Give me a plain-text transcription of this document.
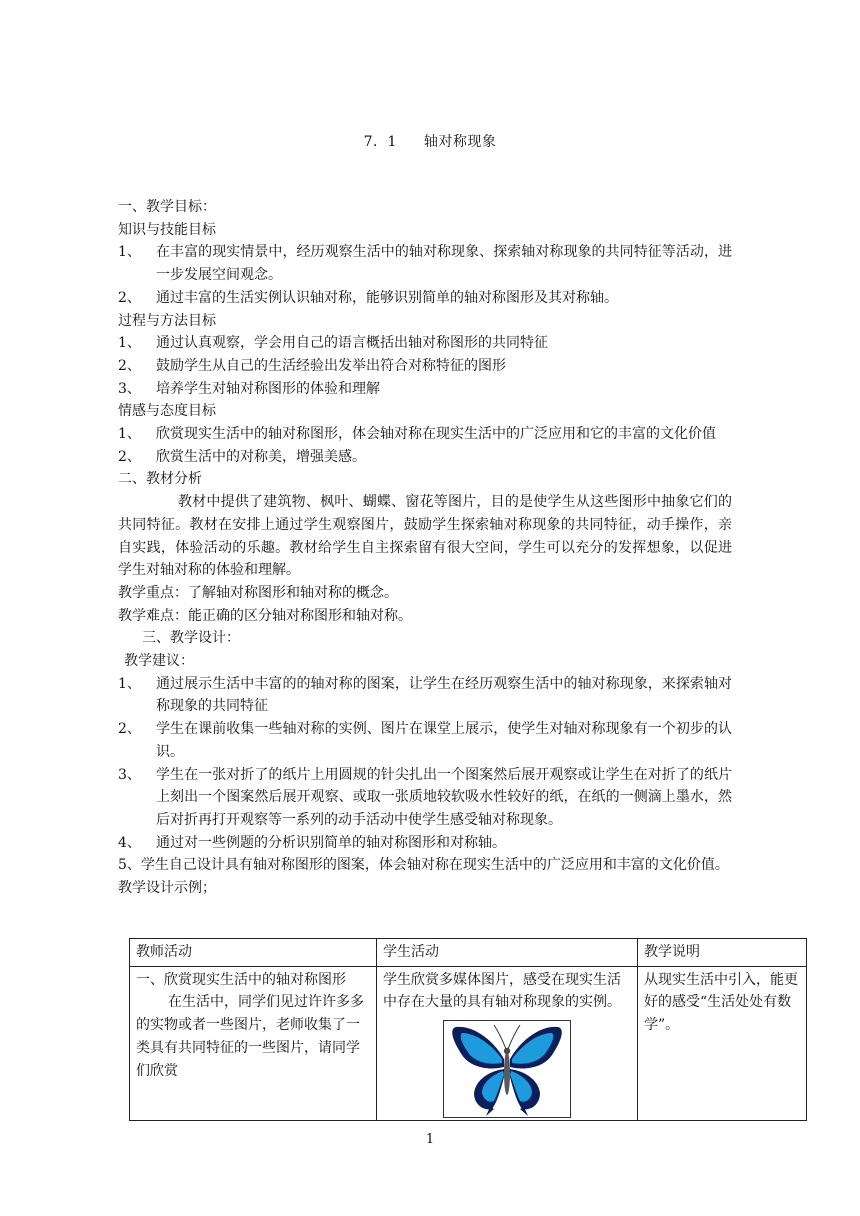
7．1 轴对称现象
一、教学目标：
知识与技能目标
1、	在丰富的现实情景中，经历观察生活中的轴对称现象、探索轴对称现象的共同特征等活动，进一步发展空间观念。
2、	通过丰富的生活实例认识轴对称，能够识别简单的轴对称图形及其对称轴。
过程与方法目标
1、	通过认真观察，学会用自己的语言概括出轴对称图形的共同特征
2、	鼓励学生从自己的生活经验出发举出符合对称特征的图形
3、	培养学生对轴对称图形的体验和理解
情感与态度目标
1、	欣赏现实生活中的轴对称图形，体会轴对称在现实生活中的广泛应用和它的丰富的文化价值
2、	欣赏生活中的对称美，增强美感。
二、教材分析
教材中提供了建筑物、枫叶、蝴蝶、窗花等图片，目的是使学生从这些图形中抽象它们的共同特征。教材在安排上通过学生观察图片，鼓励学生探索轴对称现象的共同特征，动手操作，亲自实践，体验活动的乐趣。教材给学生自主探索留有很大空间，学生可以充分的发挥想象，以促进学生对轴对称的体验和理解。
教学重点：了解轴对称图形和轴对称的概念。
教学难点：能正确的区分轴对称图形和轴对称。
三、教学设计：
教学建议：
1、	通过展示生活中丰富的的轴对称的图案，让学生在经历观察生活中的轴对称现象，来探索轴对称现象的共同特征
2、	学生在课前收集一些轴对称的实例、图片在课堂上展示，使学生对轴对称现象有一个初步的认识。
3、	学生在一张对折了的纸片上用圆规的针尖扎出一个图案然后展开观察或让学生在对折了的纸片上刻出一个图案然后展开观察、或取一张质地较软吸水性较好的纸，在纸的一侧滴上墨水，然后对折再打开观察等一系列的动手活动中使学生感受轴对称现象。
4、	通过对一些例题的分析识别简单的轴对称图形和对称轴。
5、学生自己设计具有轴对称图形的图案，体会轴对称在现实生活中的广泛应用和丰富的文化价值。
教学设计示例；
教师活动	学生活动	教学说明

一、欣赏现实生活中的轴对称图形
在生活中，同学们见过许许多多的实物或者一些图片，老师收集了一类具有共同特征的一些图片，请同学们欣赏	学生欣赏多媒体图片，感受在现实生活中存在大量的具有轴对称现象的实例。	从现实生活中引入，能更好的感受“生活处处有数学”。
1
